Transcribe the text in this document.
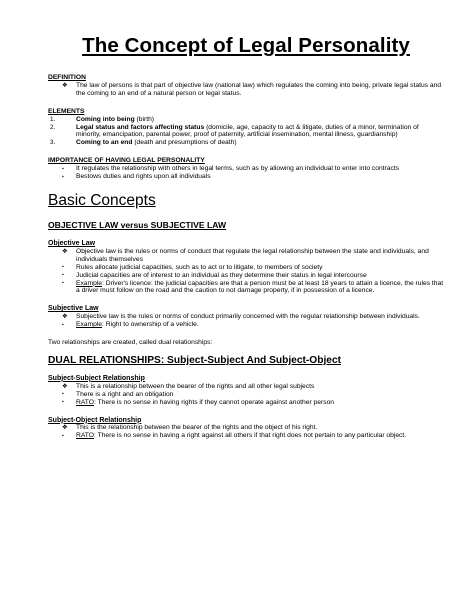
The Concept of Legal Personality

DEFINITION

❖ The law of persons is that part of objective law (national law) which regulates the coming into being, private legal status and the coming to an end of a natural person or legal status.

ELEMENTS

1.	Coming into being (birth)
2.	Legal status and factors affecting status (domicile, age, capacity to act & litigate, duties of a minor, termination of minority, emancipation, parental power, proof of paternity, artificial insemination, mental illness, guardianship)
3.	Coming to an end (death and presumptions of death)

IMPORTANCE OF HAVING LEGAL PERSONALITY

▪ It regulates the relationship with others in legal terms, such as by allowing an individual to enter into contracts
▪ Bestows duties and rights upon all individuals
Basic Concepts
OBJECTIVE LAW versus SUBJECTIVE LAW

Objective Law

❖ Objective law is the rules or norms of conduct that regulate the legal relationship between the state and individuals, and individuals themselves
▪ Rules allocate judicial capacities, such as to act or to litigate, to members of society
▪ Judicial capacities are of interest to an individual as they determine their status in legal intercourse
▪ Example: Driver's licence: the judicial capacities are that a person must be at least 18 years to attain a licence, the rules that a driver must follow on the road and the caution to not damage property, if in possession of a licence.

Subjective Law

❖ Subjective law is the rules or norms of conduct primarily concerned with the regular relationship between individuals.
▪ Example: Right to ownership of a vehicle.

Two relationships are created, called dual relationships:

DUAL RELATIONSHIPS: Subject-Subject And Subject-Object

Subject-Subject Relationship

❖ This is a relationship between the bearer of the rights and all other legal subjects
▪ There is a right and an obligation
▪ RATO: There is no sense in having rights if they cannot operate against another person

Subject-Object Relationship

❖ This is the relationship between the bearer of the rights and the object of his right.
▪ RATO: There is no sense in having a right against all others if that right does not pertain to any particular object.
